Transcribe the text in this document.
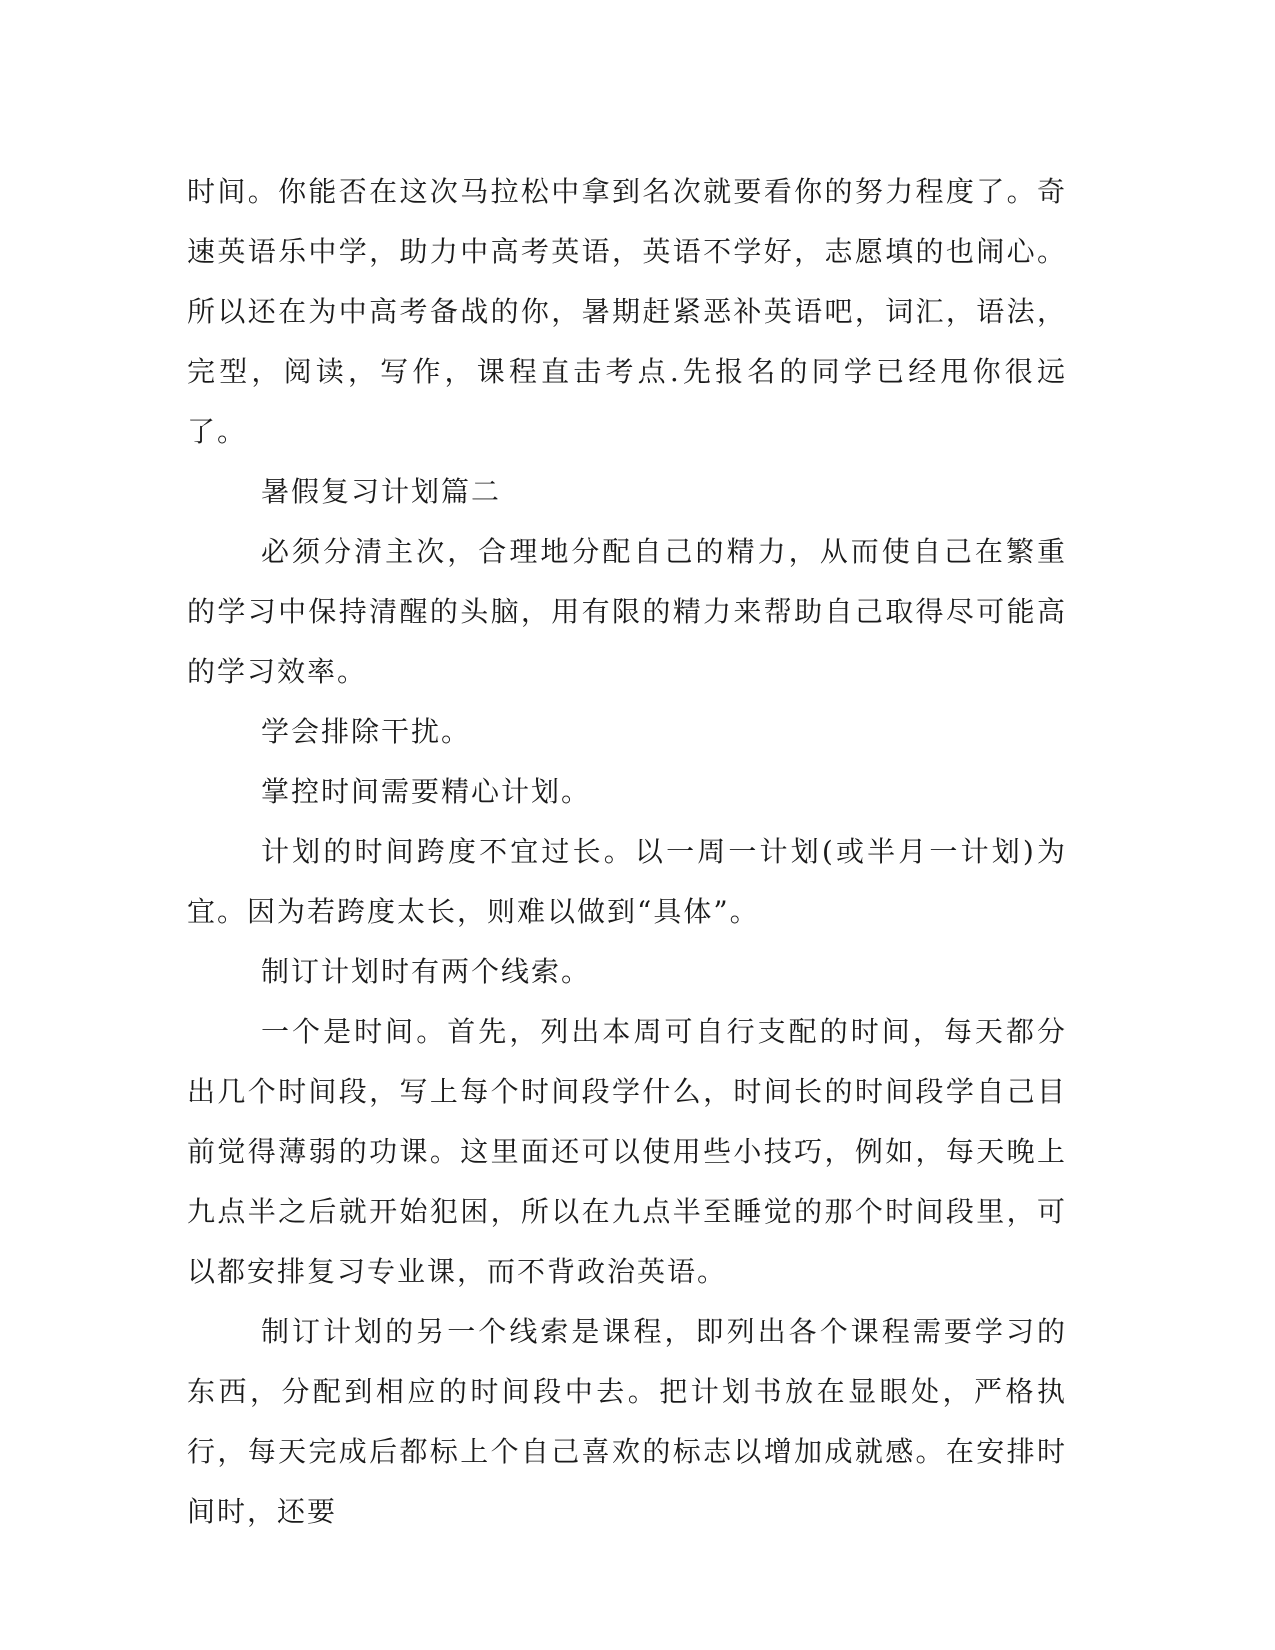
时间。你能否在这次马拉松中拿到名次就要看你的努力程度了。奇速英语乐中学，助力中高考英语，英语不学好，志愿填的也闹心。所以还在为中高考备战的你，暑期赶紧恶补英语吧，词汇，语法，完型，阅读，写作，课程直击考点.先报名的同学已经甩你很远了。

暑假复习计划篇二

必须分清主次，合理地分配自己的精力，从而使自己在繁重的学习中保持清醒的头脑，用有限的精力来帮助自己取得尽可能高的学习效率。

学会排除干扰。

掌控时间需要精心计划。

计划的时间跨度不宜过长。以一周一计划(或半月一计划)为宜。因为若跨度太长，则难以做到“具体”。

制订计划时有两个线索。

一个是时间。首先，列出本周可自行支配的时间，每天都分出几个时间段，写上每个时间段学什么，时间长的时间段学自己目前觉得薄弱的功课。这里面还可以使用些小技巧，例如，每天晚上九点半之后就开始犯困，所以在九点半至睡觉的那个时间段里，可以都安排复习专业课，而不背政治英语。

制订计划的另一个线索是课程，即列出各个课程需要学习的东西，分配到相应的时间段中去。把计划书放在显眼处，严格执行，每天完成后都标上个自己喜欢的标志以增加成就感。在安排时间时，还要
